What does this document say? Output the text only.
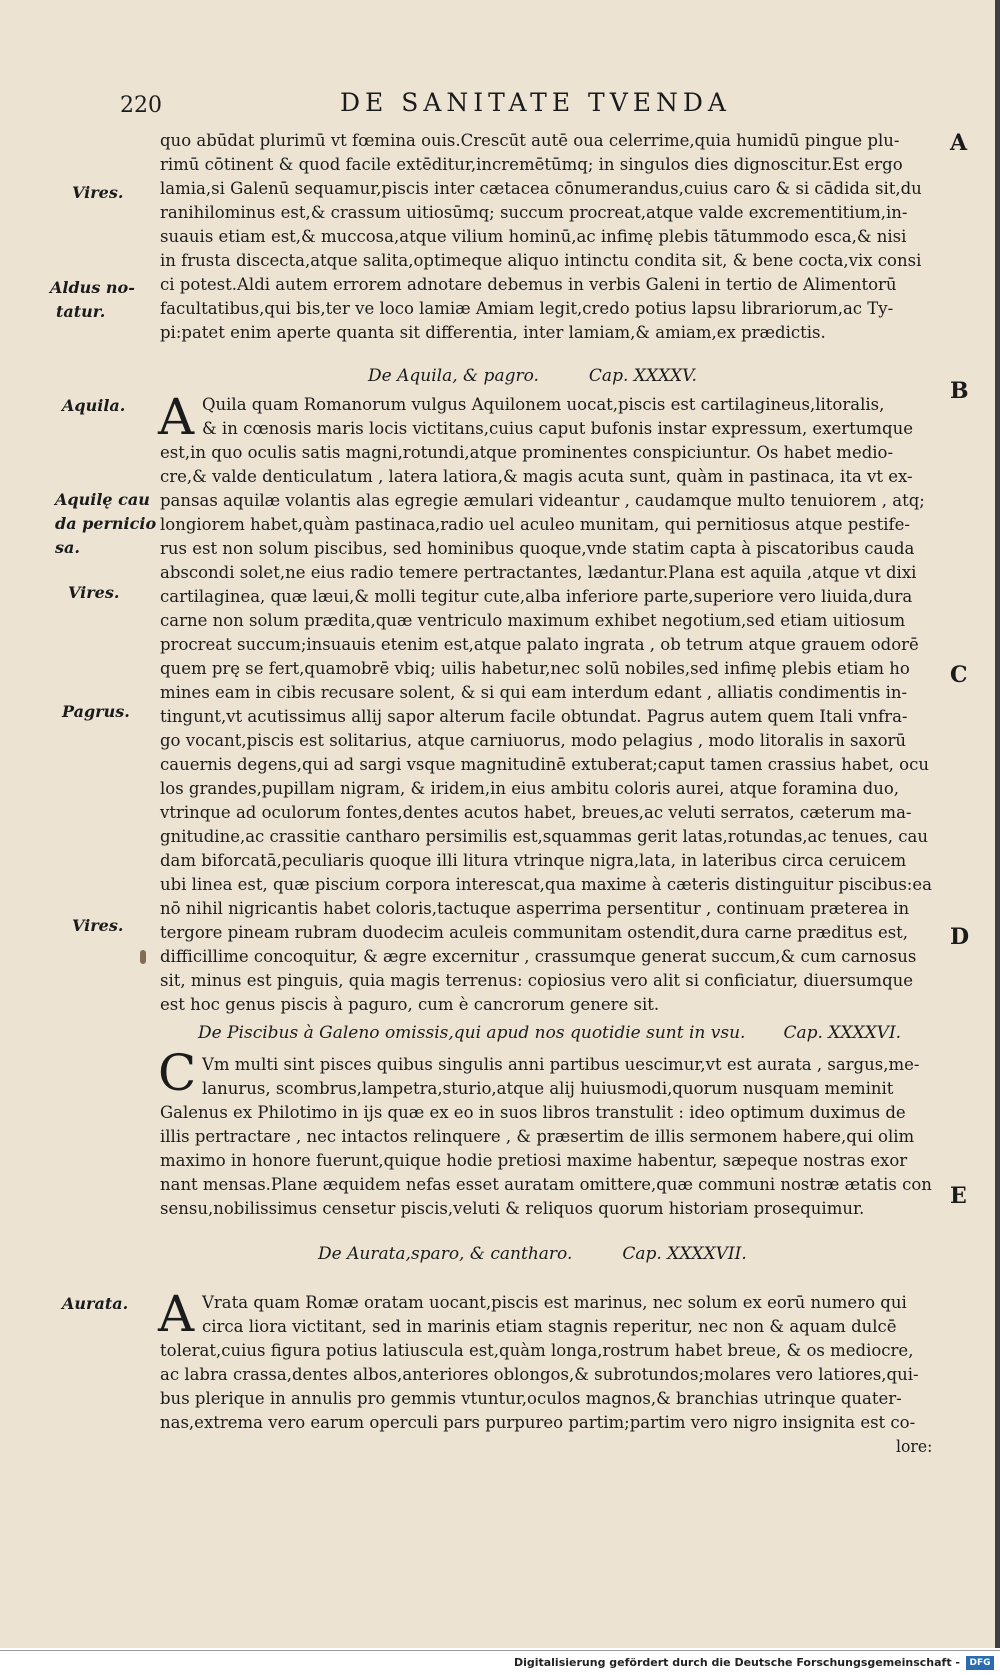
220	DE SANITATE TVENDA
A
B
C
D
E
Vires.
Aldus no-
tatur.
Aquila.
Aquilę cau
da pernicio
sa.
Vires.
Pagrus.
Vires.
Aurata.
quo abūdat plurimū vt fœmina ouis.Crescūt autē oua celerrime,quia humidū pingue plu-
rimū cōtinent & quod facile extēditur,incremētūmq; in singulos dies dignoscitur.Est ergo
lamia,si Galenū sequamur,piscis inter cætacea cōnumerandus,cuius caro & si cādida sit,du
ranihilominus est,& crassum uitiosūmq; succum procreat,atque valde excrementitium,in-
suauis etiam est,& muccosa,atque vilium hominū,ac infimę plebis tātummodo esca,& nisi
in frusta discecta,atque salita,optimeque aliquo intinctu condita sit, & bene cocta,vix consi
ci potest.Aldi autem errorem adnotare debemus in verbis Galeni in tertio de Alimentorū
facultatibus,qui bis,ter ve loco lamiæ Amiam legit,credo potius lapsu librariorum,ac Ty-
pi:patet enim aperte quanta sit differentia, inter lamiam,& amiam,ex prædictis.
De Aquila, & pagro.	Cap. XXXXV.
A Quila quam Romanorum vulgus Aquilonem uocat,piscis est cartilagineus,litoralis,
& in cœnosis maris locis victitans,cuius caput bufonis instar expressum, exertumque
est,in quo oculis satis magni,rotundi,atque prominentes conspiciuntur. Os habet medio-
cre,& valde denticulatum , latera latiora,& magis acuta sunt, quàm in pastinaca, ita vt ex-
pansas aquilæ volantis alas egregie æmulari videantur , caudamque multo tenuiorem , atq;
longiorem habet,quàm pastinaca,radio uel aculeo munitam, qui pernitiosus atque pestife-
rus est non solum piscibus, sed hominibus quoque,vnde statim capta à piscatoribus cauda
abscondi solet,ne eius radio temere pertractantes, lædantur.Plana est aquila ,atque vt dixi
cartilaginea, quæ læui,& molli tegitur cute,alba inferiore parte,superiore vero liuida,dura
carne non solum prædita,quæ ventriculo maximum exhibet negotium,sed etiam uitiosum
procreat succum;insuauis etenim est,atque palato ingrata , ob tetrum atque grauem odorē
quem prę se fert,quamobrē vbiq; uilis habetur,nec solū nobiles,sed infimę plebis etiam ho
mines eam in cibis recusare solent, & si qui eam interdum edant , alliatis condimentis in-
tingunt,vt acutissimus allij sapor alterum facile obtundat. Pagrus autem quem Itali vnfra-
go vocant,piscis est solitarius, atque carniuorus, modo pelagius , modo litoralis in saxorū
cauernis degens,qui ad sargi vsque magnitudinē extuberat;caput tamen crassius habet, ocu
los grandes,pupillam nigram, & iridem,in eius ambitu coloris aurei, atque foramina duo,
vtrinque ad oculorum fontes,dentes acutos habet, breues,ac veluti serratos, cæterum ma-
gnitudine,ac crassitie cantharo persimilis est,squammas gerit latas,rotundas,ac tenues, cau
dam biforcatā,peculiaris quoque illi litura vtrinque nigra,lata, in lateribus circa ceruicem
ubi linea est, quæ piscium corpora interescat,qua maxime à cæteris distinguitur piscibus:ea
nō nihil nigricantis habet coloris,tactuque asperrima persentitur , continuam præterea in
tergore pineam rubram duodecim aculeis communitam ostendit,dura carne præditus est,
difficillime concoquitur, & ægre excernitur , crassumque generat succum,& cum carnosus
sit, minus est pinguis, quia magis terrenus: copiosius vero alit si conficiatur, diuersumque
est hoc genus piscis à paguro, cum è cancrorum genere sit.
De Piscibus à Galeno omissis,qui apud nos quotidie sunt in vsu. Cap. XXXXVI.
C Vm multi sint pisces quibus singulis anni partibus uescimur,vt est aurata , sargus,me-
lanurus, scombrus,lampetra,sturio,atque alij huiusmodi,quorum nusquam meminit
Galenus ex Philotimo in ijs quæ ex eo in suos libros transtulit : ideo optimum duximus de
illis pertractare , nec intactos relinquere , & præsertim de illis sermonem habere,qui olim
maximo in honore fuerunt,quique hodie pretiosi maxime habentur, sæpeque nostras exor
nant mensas.Plane æquidem nefas esset auratam omittere,quæ communi nostræ ætatis con
sensu,nobilissimus censetur piscis,veluti & reliquos quorum historiam prosequimur.
De Aurata,sparo, & cantharo.	Cap. XXXXVII.
A Vrata quam Romæ oratam uocant,piscis est marinus, nec solum ex eorū numero qui
circa liora victitant, sed in marinis etiam stagnis reperitur, nec non & aquam dulcē
tolerat,cuius figura potius latiuscula est,quàm longa,rostrum habet breue, & os mediocre,
ac labra crassa,dentes albos,anteriores oblongos,& subrotundos;molares vero latiores,qui-
bus plerique in annulis pro gemmis vtuntur,oculos magnos,& branchias utrinque quater-
nas,extrema vero earum operculi pars purpureo partim;partim vero nigro insignita est co-
lore:
Digitalisierung gefördert durch die Deutsche Forschungsgemeinschaft -	DFG
